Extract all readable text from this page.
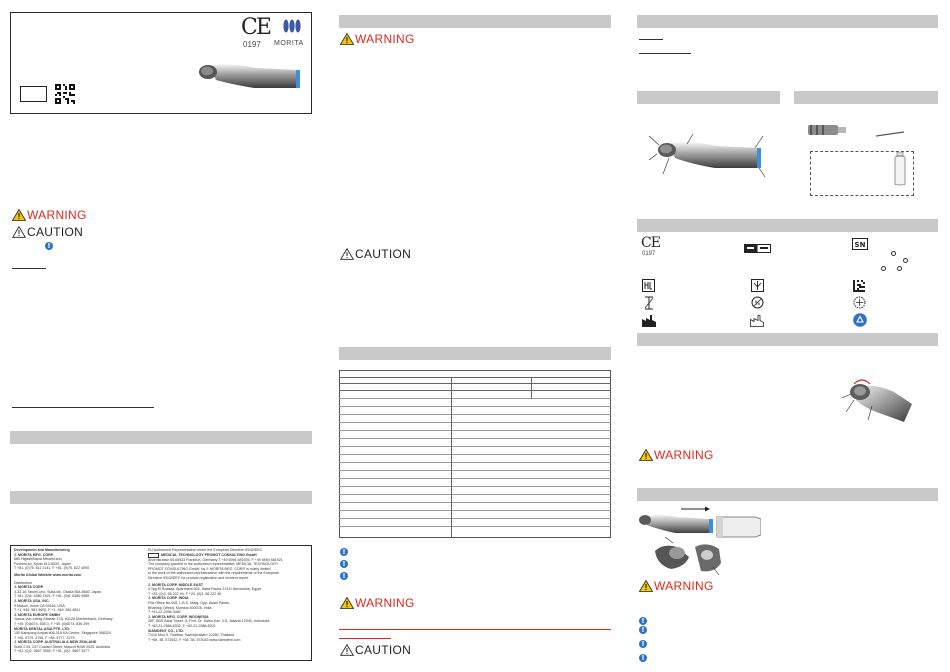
CE
0197 MORITA
WARNING
CAUTION
!
Development and Manufacturing
J. MORITA MFG. CORP.
680 Higashihama Minami-cho,
Fushimi-ku, Kyoto 612-8533, Japan
T +81. (0)75. 611 2141, F +81. (0)75. 622 4595
Morita Global Website www.morita.com
Distribution
J. MORITA CORP.
3-33-18 Tarumi-cho, Suita-shi, Osaka 564-8650, Japan
T +81. (0)6. 6380 1521, F +81. (0)6. 6380 0585
J. MORITA USA, INC.
9 Mason, Irvine CA 92618, USA
T +1. 949. 581 9600, F +1. 949. 581 8811
J. MORITA EUROPE GMBH
Justus-von-Liebig-Strasse 27A, 63128 Dietzenbach, Germany
T +49. (0)6074. 836 0, F +49. (0)6074. 836 299
MORITA DENTAL ASIA PTE. LTD.
150 Kampong Ampat #06-01A KA Centre, Singapore 368324
T +65. 6779. 4795, F +65. 6777. 2279
J. MORITA CORP. AUSTRALIA & NEW ZEALAND
Suite 2.05, 247 Coward Street, Mascot NSW 2020, Australia
T +61. (0)2. 9667 3555, F +61. (0)2. 9667 3577
EU Authorized Representative under the European Directive 93/42/EEC
MEDICAL TECHNOLOGY PROMOT CONSULTING GmbH
Ahornstrasse 65,65933 Frankfurt, Germany T +49 6994 581925, F +49 6994 581921
The company granted in the authorized representative, MEDICAL TECHNOLOGY
PROMOT CONSULTING GmbH, by J. MORITA MFG. CORP. is solely limited
to the work of the authorized representative with the requirements of the European
Directive 93/42/EEC for product registration and incident report.
J. MORITA CORP. MIDDLE EAST
4 Tag El Roasaa, Apartment 902, Saba Pacha 21311 Alexandria, Egypt
T +20. (0)3. 58 222 94, F +20. (0)3. 58 222 96
J. MORITA CORP. INDIA
Filix Office No.908, L.B.S. Marg, Opp. Asian Paints,
Bhandup (West), Mumbai 400078, India
T +91-22-2596-3482
J. MORITA MFG. CORP. INDONESIA
28F, DBS Bank Tower, Jl. Prof. Dr. Satrio Kav. 3-5, Jakarta 12940, Indonesia
T +62-21-2988-8332, F +62-21-2988-8201
SIAMDENT CO., LTD.
71/10 Moo 5, Thaiban, Samutprakarn 10280, Thailand
T +66. 38. 573042, F +66. 38. 573043 www.siamdent.com
WARNING
CAUTION
!
!
!
WARNING
CAUTION
CE
0197
SN
%
WARNING
WARNING
!
!
!
!
